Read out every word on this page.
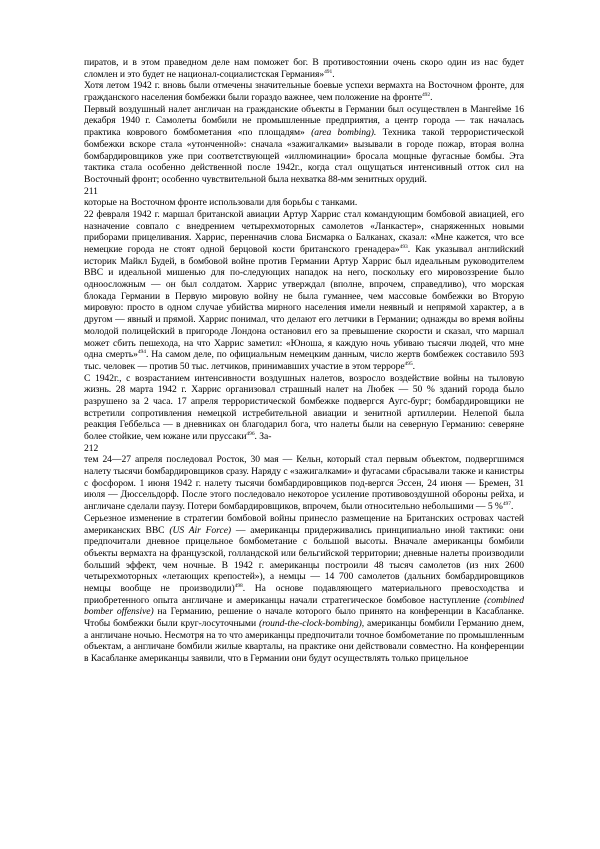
пиратов, и в этом праведном деле нам поможет бог. В противостоянии очень скоро один из нас будет сломлен и это будет не национал-социалистская Германия»$^{491}$.

Хотя летом 1942 г. вновь были отмечены значительные боевые успехи вермахта на Восточном фронте, для гражданского населения бомбежки были гораздо важнее, чем положение на фронте$^{492}$.

Первый воздушный налет англичан на гражданские объекты в Германии был осуществлен в Мангейме 16 декабря 1940 г. Самолеты бомбили не промышленные предприятия, а центр города — так началась практика коврового бомбометания «по площадям» (area bombing). Техника такой террористической бомбежки вскоре стала «утонченной»: сначала «зажигалками» вызывали в городе пожар, вторая волна бомбардировщиков уже при соответствующей «иллюминации» бросала мощные фугасные бомбы. Эта тактика стала особенно действенной после 1942г., когда стал ощущаться интенсивный отток сил на Восточный фронт; особенно чувствительной была нехватка 88-мм зенитных орудий.

211

которые на Восточном фронте использовали для борьбы с танками.

22 февраля 1942 г. маршал британской авиации Артур Харрис стал командующим бомбовой авиацией, его назначение совпало с внедрением четырехмоторных самолетов «Ланкастер», снаряженных новыми приборами прицеливания. Харрис, перенначив слова Бисмарка о Балканах, сказал: «Мне кажется, что все немецкие города не стоят одной берцовой кости британского гренадера»$^{493}$. Как указывал английский историк Майкл Будей, в бомбовой войне против Германии Артур Харрис был идеальным руководителем ВВС и идеальной мишенью для по-следующих нападок на него, поскольку его мировоззрение было одноосложным — он был солдатом. Харрис утверждал (вполне, впрочем, справедливо), что морская блокада Германии в Первую мировую войну не была гуманнее, чем массовые бомбежки во Вторую мировую: просто в одном случае убийства мирного населения имели неявный и непрямой характер, а в другом — явный и прямой. Харрис понимал, что делают его летчики в Германии; однажды во время войны молодой полицейский в пригороде Лондона остановил его за превышение скорости и сказал, что маршал может сбить пешехода, на что Харрис заметил: «Юноша, я каждую ночь убиваю тысячи людей, что мне одна смерть»$^{494}$. На самом деле, по официальным немецким данным, число жертв бомбежек составило 593 тыс. человек — против 50 тыс. летчиков, принимавших участие в этом терроре$^{495}$.

С 1942г., с возрастанием интенсивности воздушных налетов, возросло воздействие войны на тыловую жизнь. 28 марта 1942 г. Харрис организовал страшный налет на Любек — 50 % зданий города было разрушено за 2 часа. 17 апреля террористической бомбежке подвергся Аугс-бург; бомбардировщики не встретили сопротивления немецкой истребительной авиации и зенитной артиллерии. Нелепой была реакция Геббельса — в дневниках он благодарил бога, что налеты были на северную Германию: северяне более стойкие, чем южане или пруссаки$^{496}$. За-

212

тем 24—27 апреля последовал Росток, 30 мая — Кельн, который стал первым объектом, подвергшимся налету тысячи бомбардировщиков сразу. Наряду с «зажигалками» и фугасами сбрасывали также и канистры с фосфором. 1 июня 1942 г. налету тысячи бомбардировщиков под-вергся Эссен, 24 июня — Бремен, 31 июля — Дюссельдорф. После этого последовало некоторое усиление противовоздушной обороны рейха, и англичане сделали паузу. Потери бомбардировщиков, впрочем, были относительно небольшими — 5 %$^{497}$.

Серьезное изменение в стратегии бомбовой войны принесло размещение на Британских островах частей американских ВВС (US Air Force) — американцы придерживались принципиально иной тактики: они предпочитали дневное прицельное бомбометание с большой высоты. Вначале американцы бомбили объекты вермахта на французской, голландской или бельгийской территории; дневные налеты производили больший эффект, чем ночные. В 1942 г. американцы построили 48 тысяч самолетов (из них 2600 четырехмоторных «летающих крепостей»), а немцы — 14 700 самолетов (дальних бомбардировщиков немцы вообще не производили)$^{498}$. На основе подавляющего материального превосходства и приобретенного опыта англичане и американцы начали стратегическое бомбовое наступление (combined bomber offensive) на Германию, решение о начале которого было принято на конференции в Касабланке. Чтобы бомбежки были круг-лосуточными (round-the-clock-bombing), американцы бомбили Германию днем, а англичане ночью. Несмотря на то что американцы предпочитали точное бомбометание по промышленным объектам, а англичане бомбили жилые кварталы, на практике они действовали совместно. На конференции в Касабланке американцы заявили, что в Германии они будут осуществлять только прицельное
